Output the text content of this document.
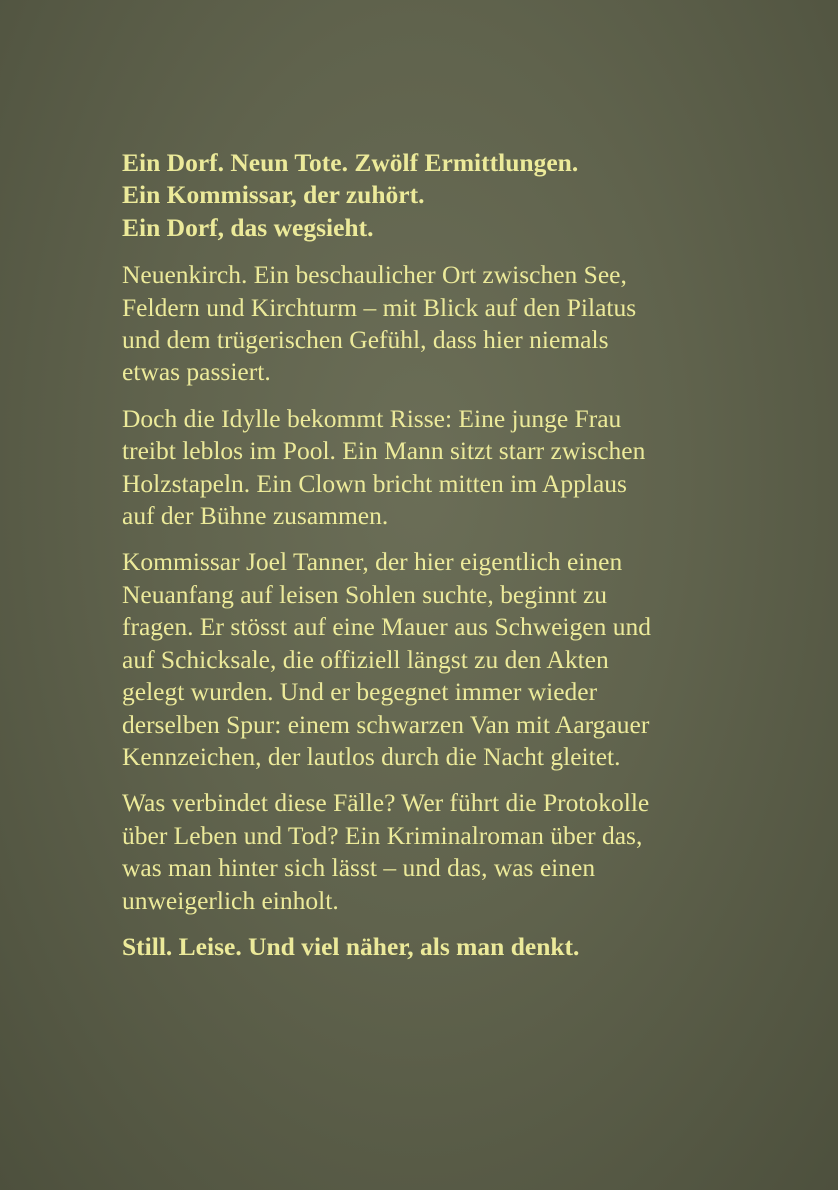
Ein Dorf. Neun Tote. Zwölf Ermittlungen.
Ein Kommissar, der zuhört.
Ein Dorf, das wegsieht.
Neuenkirch. Ein beschaulicher Ort zwischen See,
Feldern und Kirchturm – mit Blick auf den Pilatus
und dem trügerischen Gefühl, dass hier niemals
etwas passiert.
Doch die Idylle bekommt Risse: Eine junge Frau
treibt leblos im Pool. Ein Mann sitzt starr zwischen
Holzstapeln. Ein Clown bricht mitten im Applaus
auf der Bühne zusammen.
Kommissar Joel Tanner, der hier eigentlich einen
Neuanfang auf leisen Sohlen suchte, beginnt zu
fragen. Er stösst auf eine Mauer aus Schweigen und
auf Schicksale, die offiziell längst zu den Akten
gelegt wurden. Und er begegnet immer wieder
derselben Spur: einem schwarzen Van mit Aargauer
Kennzeichen, der lautlos durch die Nacht gleitet.
Was verbindet diese Fälle? Wer führt die Protokolle
über Leben und Tod? Ein Kriminalroman über das,
was man hinter sich lässt – und das, was einen
unweigerlich einholt.
Still. Leise. Und viel näher, als man denkt.
